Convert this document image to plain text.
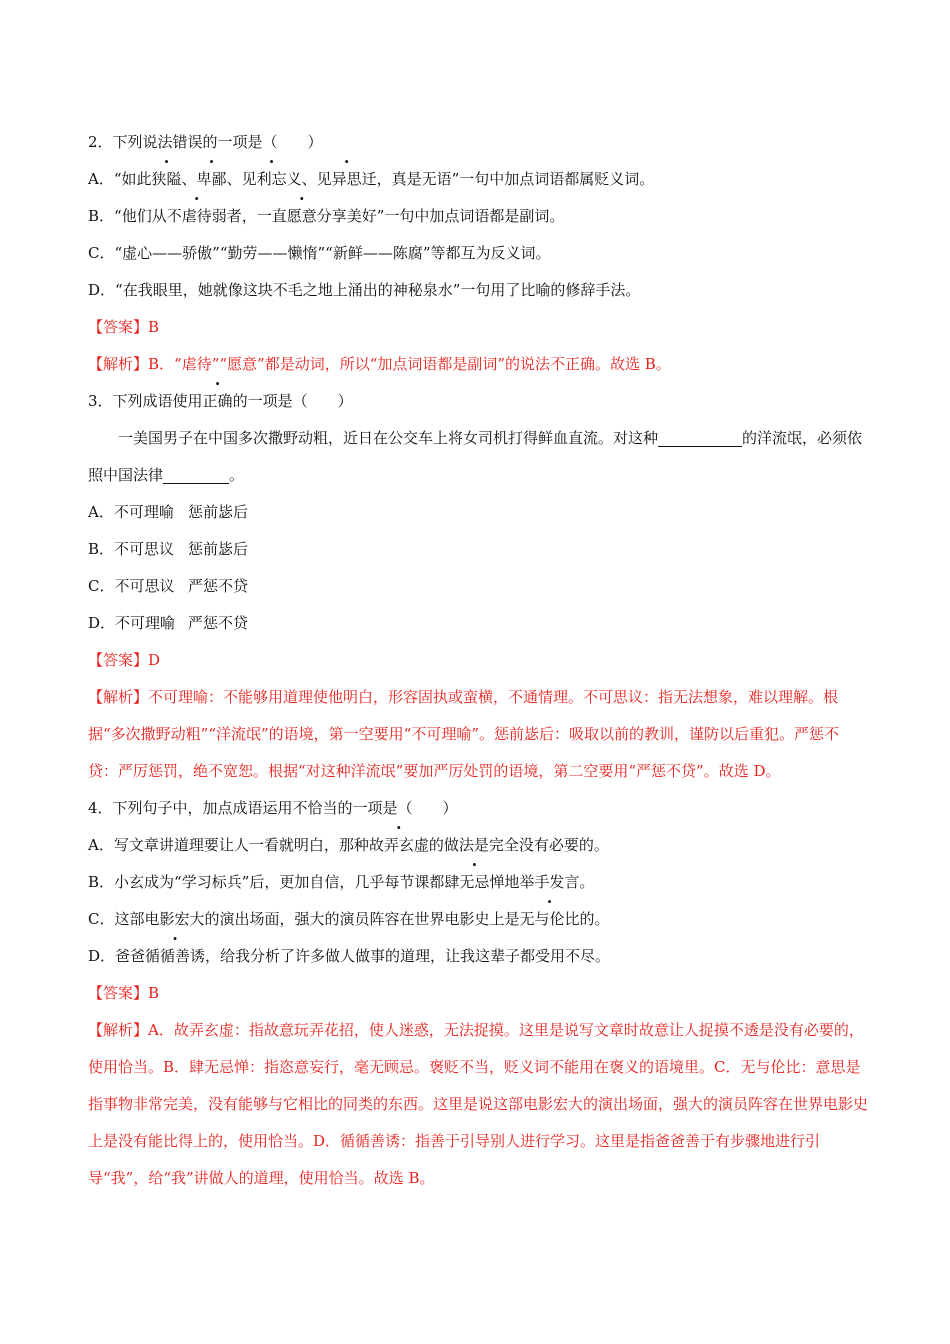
2．下列说法错误的一项是（　　）
A．“如此狭隘、卑鄙、见利忘义、见异思迁，真是无语”一句中加点词语都属贬义词。
B．“他们从不虐待弱者，一直愿意分享美好”一句中加点词语都是副词。
C．“虚心——骄傲”“勤劳——懒惰”“新鲜——陈腐”等都互为反义词。
D．“在我眼里，她就像这块不毛之地上涌出的神秘泉水”一句用了比喻的修辞手法。
【答案】B
【解析】B．“虐待”“愿意”都是动词，所以“加点词语都是副词”的说法不正确。故选 B。
3．下列成语使用正确的一项是（　　）
一美国男子在中国多次撒野动粗，近日在公交车上将女司机打得鲜血直流。对这种	的洋流氓，必须依照中国法律	。
A．不可理喻 惩前毖后
B．不可思议 惩前毖后
C．不可思议 严惩不贷
D．不可理喻 严惩不贷
【答案】D
【解析】不可理喻：不能够用道理使他明白，形容固执或蛮横，不通情理。不可思议：指无法想象，难以理解。根据“多次撒野动粗”“洋流氓”的语境，第一空要用“不可理喻”。惩前毖后：吸取以前的教训，谨防以后重犯。严惩不贷：严厉惩罚，绝不宽恕。根据“对这种洋流氓”要加严厉处罚的语境，第二空要用“严惩不贷”。故选 D。
4．下列句子中，加点成语运用不恰当的一项是（　　）
A．写文章讲道理要让人一看就明白，那种故弄玄虚的做法是完全没有必要的。
B．小玄成为“学习标兵”后，更加自信，几乎每节课都肆无忌惮地举手发言。
C．这部电影宏大的演出场面，强大的演员阵容在世界电影史上是无与伦比的。
D．爸爸循循善诱，给我分析了许多做人做事的道理，让我这辈子都受用不尽。
【答案】B
【解析】A．故弄玄虚：指故意玩弄花招，使人迷惑，无法捉摸。这里是说写文章时故意让人捉摸不透是没有必要的，使用恰当。B．肆无忌惮：指恣意妄行，毫无顾忌。褒贬不当，贬义词不能用在褒义的语境里。C．无与伦比：意思是指事物非常完美，没有能够与它相比的同类的东西。这里是说这部电影宏大的演出场面，强大的演员阵容在世界电影史上是没有能比得上的，使用恰当。D．循循善诱：指善于引导别人进行学习。这里是指爸爸善于有步骤地进行引导“我”，给“我”讲做人的道理，使用恰当。故选 B。
